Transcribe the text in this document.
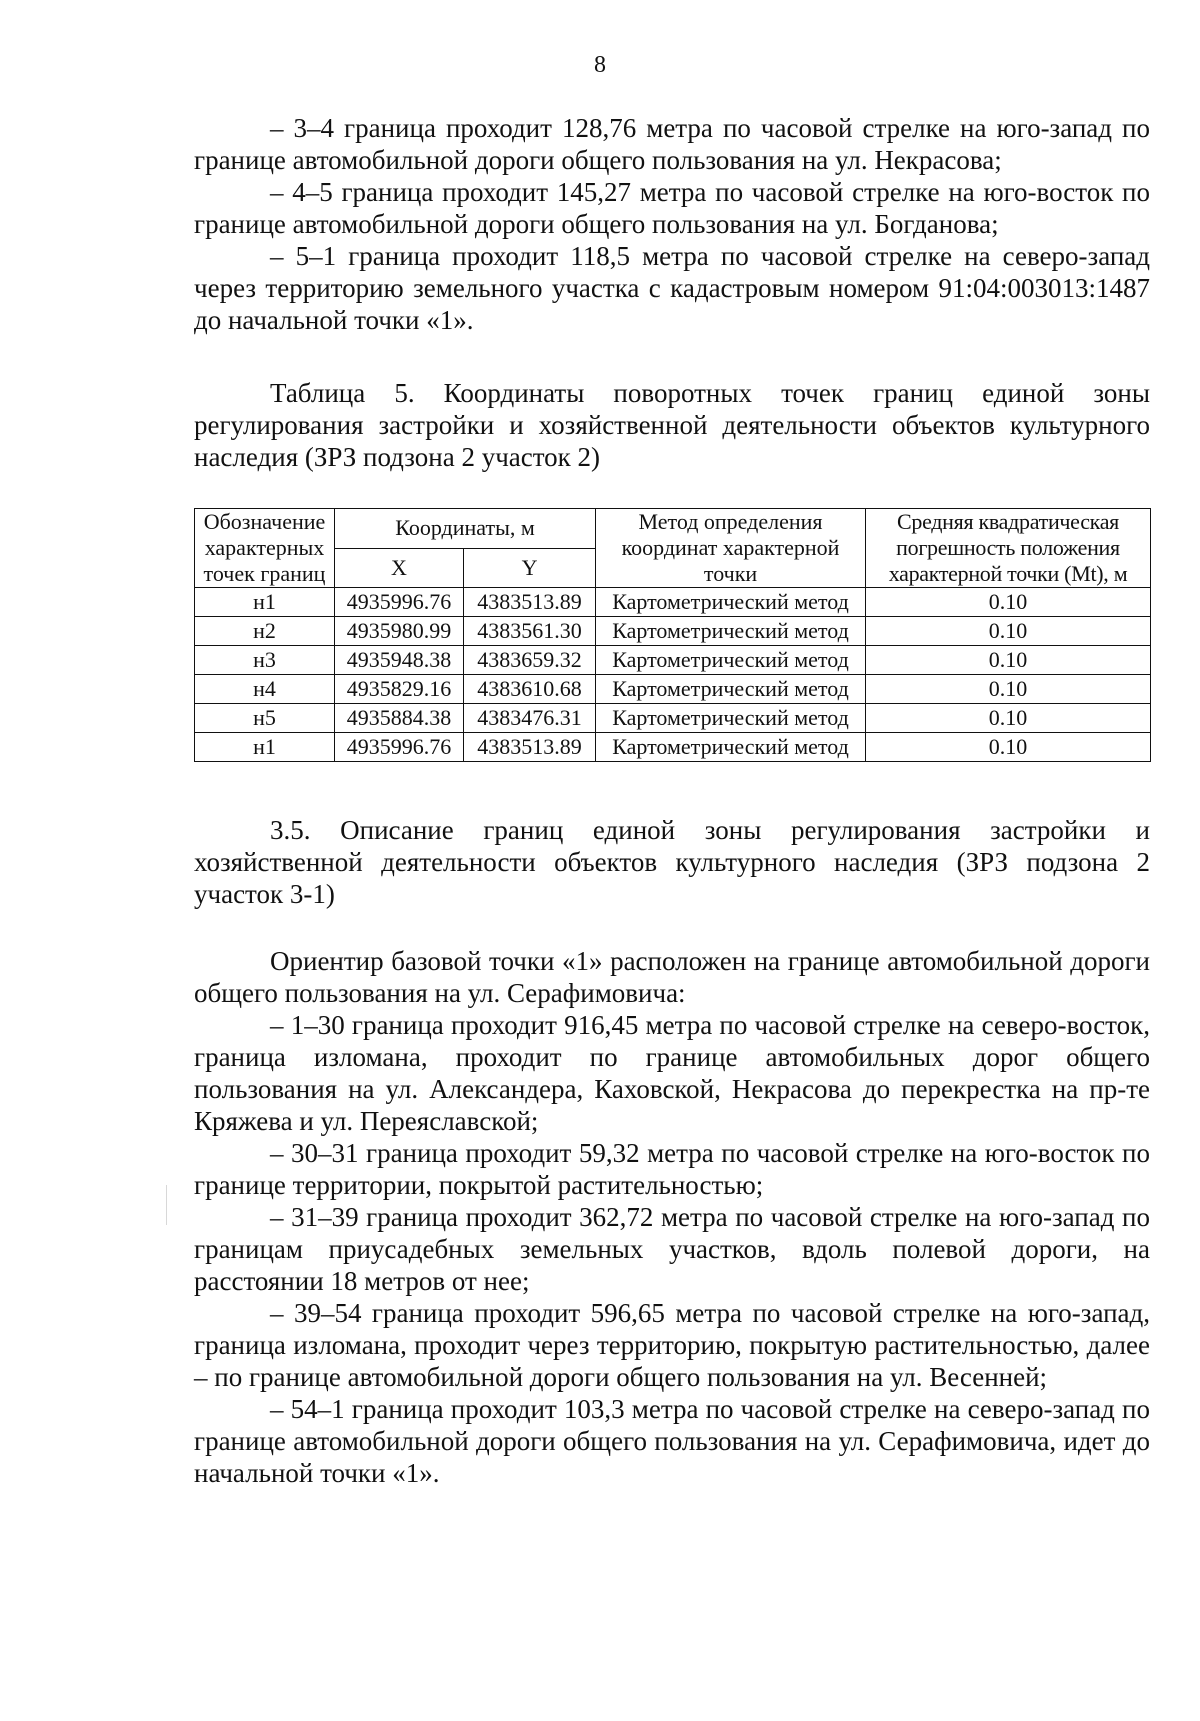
8

– 3–4 граница проходит 128,76 метра по часовой стрелке на юго-запад по границе автомобильной дороги общего пользования на ул. Некрасова;

– 4–5 граница проходит 145,27 метра по часовой стрелке на юго-восток по границе автомобильной дороги общего пользования на ул. Богданова;

– 5–1 граница проходит 118,5 метра по часовой стрелке на северо-запад через территорию земельного участка с кадастровым номером 91:04:003013:1487 до начальной точки «1».

Таблица 5. Координаты поворотных точек границ единой зоны регулирования застройки и хозяйственной деятельности объектов культурного наследия (ЗРЗ подзона 2 участок 2)

Обозначение характерных точек границ	Координаты, м		Метод определения координат характерной точки	Средняя квадратическая погрешность положения характерной точки (Mt), м
	X	Y		
н1	4935996.76	4383513.89	Картометрический метод	0.10
н2	4935980.99	4383561.30	Картометрический метод	0.10
н3	4935948.38	4383659.32	Картометрический метод	0.10
н4	4935829.16	4383610.68	Картометрический метод	0.10
н5	4935884.38	4383476.31	Картометрический метод	0.10
н1	4935996.76	4383513.89	Картометрический метод	0.10

3.5. Описание границ единой зоны регулирования застройки и хозяйственной деятельности объектов культурного наследия (ЗРЗ подзона 2 участок 3-1)

Ориентир базовой точки «1» расположен на границе автомобильной дороги общего пользования на ул. Серафимовича:

– 1–30 граница проходит 916,45 метра по часовой стрелке на северо-восток, граница изломана, проходит по границе автомобильных дорог общего пользования на ул. Александера, Каховской, Некрасова до перекрестка на пр-те Кряжева и ул. Переяславской;

– 30–31 граница проходит 59,32 метра по часовой стрелке на юго-восток по границе территории, покрытой растительностью;

– 31–39 граница проходит 362,72 метра по часовой стрелке на юго-запад по границам приусадебных земельных участков, вдоль полевой дороги, на расстоянии 18 метров от нее;

– 39–54 граница проходит 596,65 метра по часовой стрелке на юго-запад, граница изломана, проходит через территорию, покрытую растительностью, далее – по границе автомобильной дороги общего пользования на ул. Весенней;

– 54–1 граница проходит 103,3 метра по часовой стрелке на северо-запад по границе автомобильной дороги общего пользования на ул. Серафимовича, идет до начальной точки «1».
